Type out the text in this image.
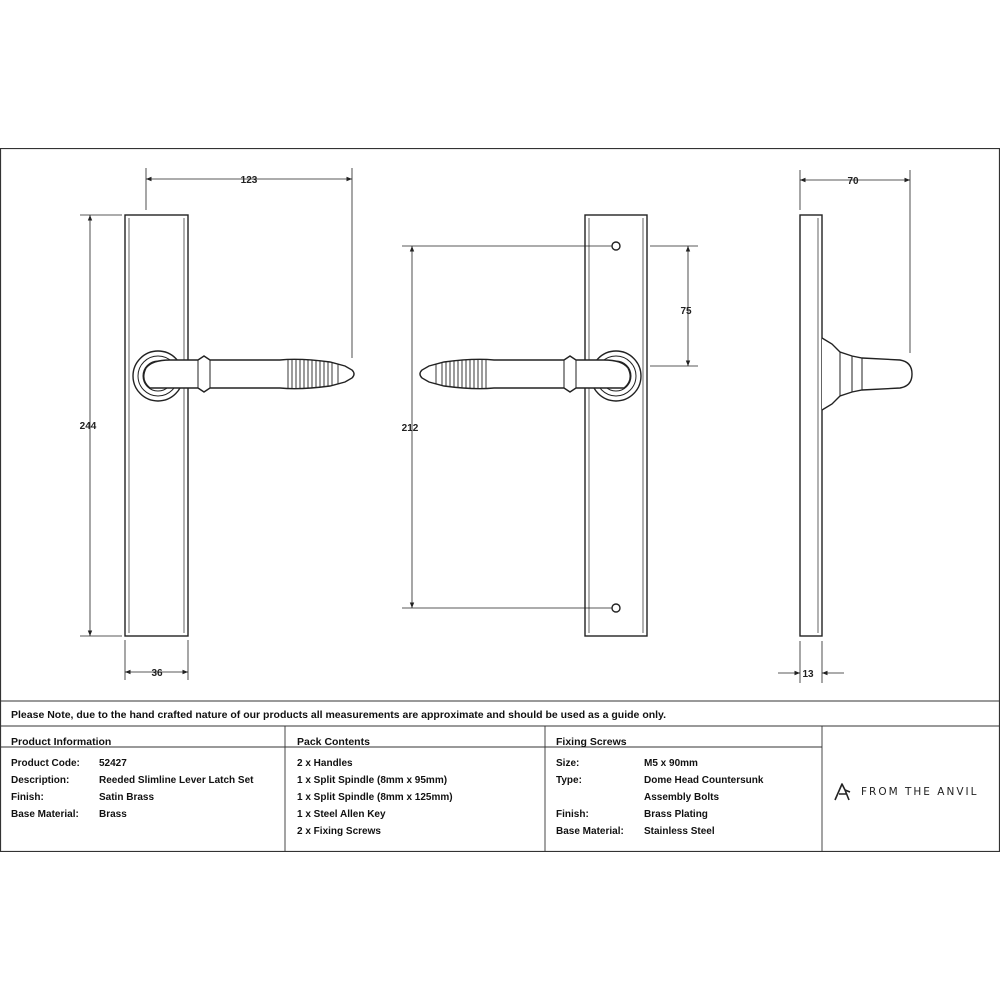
123
244
36
212
75
70
13
Please Note, due to the hand crafted nature of our products all measurements are approximate and should be used as a guide only.
Product Information
Product Code: 52427
Description:	Reeded Slimline Lever Latch Set
Finish:	Satin Brass
Base Material: Brass
Pack Contents
2 x Handles
1 x Split Spindle (8mm x 95mm)
1 x Split Spindle (8mm x 125mm)
1 x Steel Allen Key
2 x Fixing Screws
Fixing Screws
Size:	M5 x 90mm
Type:	Dome Head Countersunk
Assembly Bolts
Finish:	Brass Plating
Base Material: Stainless Steel
FROM THE ANVIL
